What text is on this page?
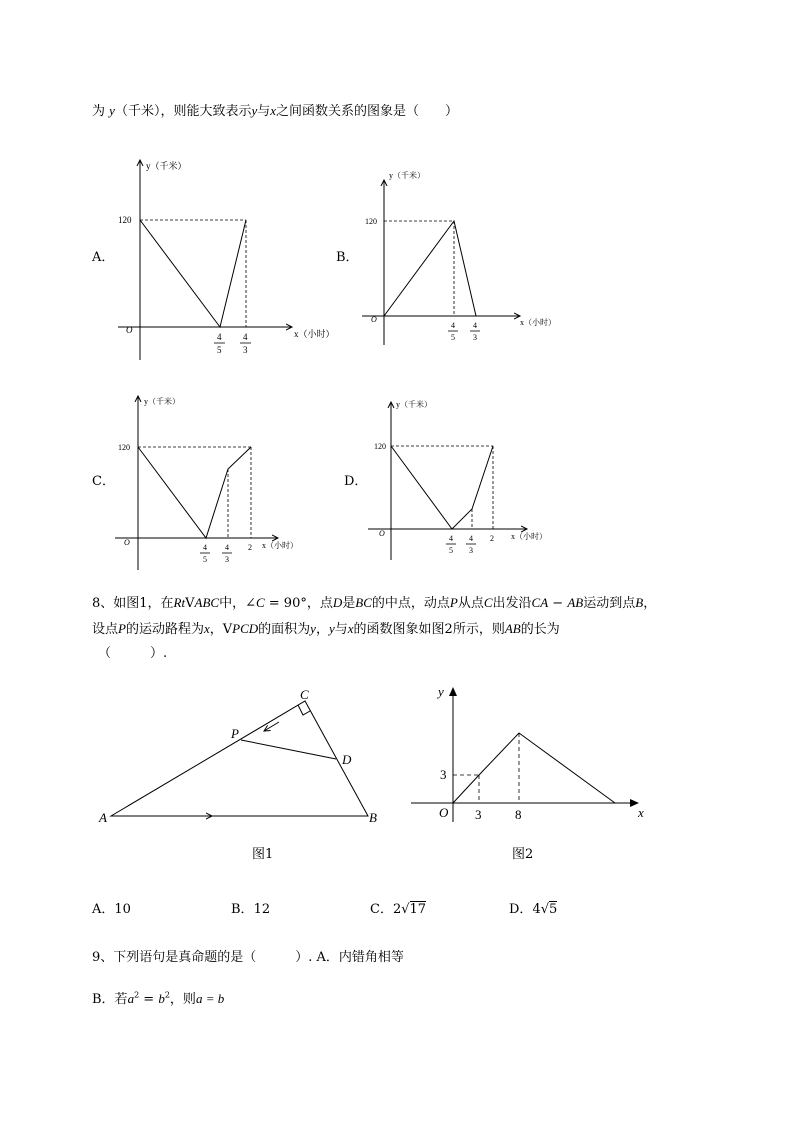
为 y（千米），则能大致表示y与x之间函数关系的图象是（　　）
A．	B．
C．	D．
y（千米）
x（小时）
120
O
4
5
4
3
y（千米）
x（小时）
120
O
4
5
4
3
y（千米）
x（小时）
120
O
4
5
4
3
2
y（千米）
x（小时）
120
O
4
5
4
3
2
8、如图1，在RtVABC中，∠C = 90°，点D是BC的中点，动点P从点C出发沿CA − AB运动到点B，
设点P的运动路程为x，VPCD的面积为y，y与x的函数图象如图2所示，则AB的长为
（　　　）.
A	B
C
D
P
图1
y
x
O
3
3	8
图2
A．10	B．12	C．2√17	D．4√5
9、下列语句是真命题的是（　　　）. A．内错角相等
B．若$a^2 = b^2$，则a = b
